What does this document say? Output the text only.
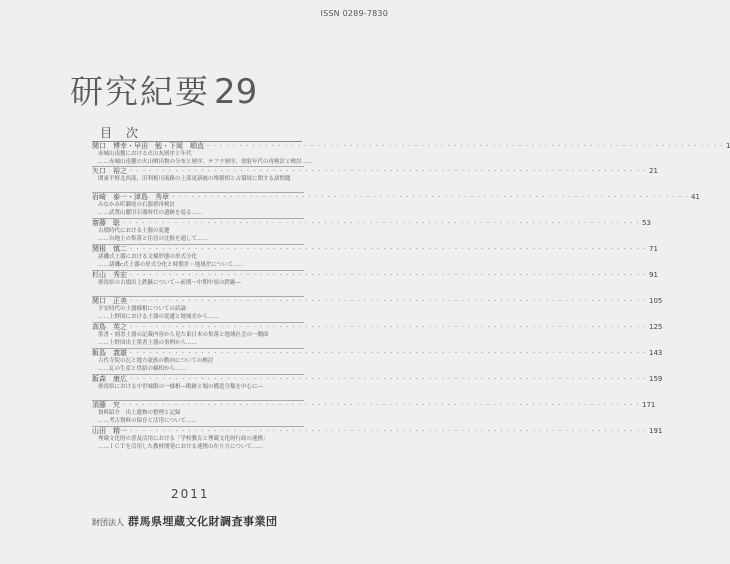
ISSN 0289-7830
研究紀要 29
目次
関口　博幸・早田　勉・下岡　順直 ・・・・・・・・・・・・・・・・・・・・・・・・・・・・・・・・・・・・・・・・・・・・・・・・・・・・・・・・・・・・・・・・・・・・・・・・・・・・・・・・ 1
赤城山南麓における火山灰層序と年代
……赤城山南麓の火山噴出物の分布と層序、テフラ層序、放射年代の再検討と検討……
矢口　裕之 ・・・・・・・・・・・・・・・・・・・・・・・・・・・・・・・・・・・・・・・・・・・・・・・・・・・・・・・・・・・・・・・・・・・・・・・・・・・・・・・・ 21
関東平野北西部、旧利根川流路の上部更新統の堆積相と古環境に関する諸問題
岩崎　泰一・津島　秀章 ・・・・・・・・・・・・・・・・・・・・・・・・・・・・・・・・・・・・・・・・・・・・・・・・・・・・・・・・・・・・・・・・・・・・・・・・・・・・・・・・ 41
みなかみ町瀬尾の石器群再検討
……武尊山麓旧石器時代の遺跡を巡る……
齋藤　聡 ・・・・・・・・・・・・・・・・・・・・・・・・・・・・・・・・・・・・・・・・・・・・・・・・・・・・・・・・・・・・・・・・・・・・・・・・・・・・・・・・ 53
古墳時代における土器の変遷
……台地上の集落と住居の比較を通して……
関根　慎二 ・・・・・・・・・・・・・・・・・・・・・・・・・・・・・・・・・・・・・・・・・・・・・・・・・・・・・・・・・・・・・・・・・・・・・・・・・・・・・・・・ 71
諸磯式土器における文様形態の形式分化
……諸磯c式土器の形式分化と時期差・地域差について……
杉山　秀宏 ・・・・・・・・・・・・・・・・・・・・・・・・・・・・・・・・・・・・・・・・・・・・・・・・・・・・・・・・・・・・・・・・・・・・・・・・・・・・・・・・ 91
群馬県の古墳出土鉄鏃について―前期～中期中頃の鉄鏃―
関口　正美 ・・・・・・・・・・・・・・・・・・・・・・・・・・・・・・・・・・・・・・・・・・・・・・・・・・・・・・・・・・・・・・・・・・・・・・・・・・・・・・・・ 105
平安時代の土器様相についての試論
……上野国における土器の変遷と地域差から……
高島　英之 ・・・・・・・・・・・・・・・・・・・・・・・・・・・・・・・・・・・・・・・・・・・・・・・・・・・・・・・・・・・・・・・・・・・・・・・・・・・・・・・・ 125
墨書・刻書土器の記載内容から見た東日本の集落と地域社会の一側面
……上野国出土墨書土器の事例から……
飯島　義雄 ・・・・・・・・・・・・・・・・・・・・・・・・・・・・・・・・・・・・・・・・・・・・・・・・・・・・・・・・・・・・・・・・・・・・・・・・・・・・・・・・ 143
古代寺院の瓦と地方豪族の動向についての検討
……瓦の生産と供給の様相から……
飯森　康広 ・・・・・・・・・・・・・・・・・・・・・・・・・・・・・・・・・・・・・・・・・・・・・・・・・・・・・・・・・・・・・・・・・・・・・・・・・・・・・・・・ 159
群馬県における中世城館の一様相―館跡と堀の構造分類を中心に―
須藤　究 ・・・・・・・・・・・・・・・・・・・・・・・・・・・・・・・・・・・・・・・・・・・・・・・・・・・・・・・・・・・・・・・・・・・・・・・・・・・・・・・・ 171
資料紹介　出土遺物の整理と記録
……考古資料の保存と活用について……
山田　精一 ・・・・・・・・・・・・・・・・・・・・・・・・・・・・・・・・・・・・・・・・・・・・・・・・・・・・・・・・・・・・・・・・・・・・・・・・・・・・・・・・ 191
埋蔵文化財の普及活用における「学校教育と埋蔵文化財行政の連携」
……ＩＣＴを活用した教材開発における連携の在り方について……
2011
財団法人 群馬県埋蔵文化財調査事業団
